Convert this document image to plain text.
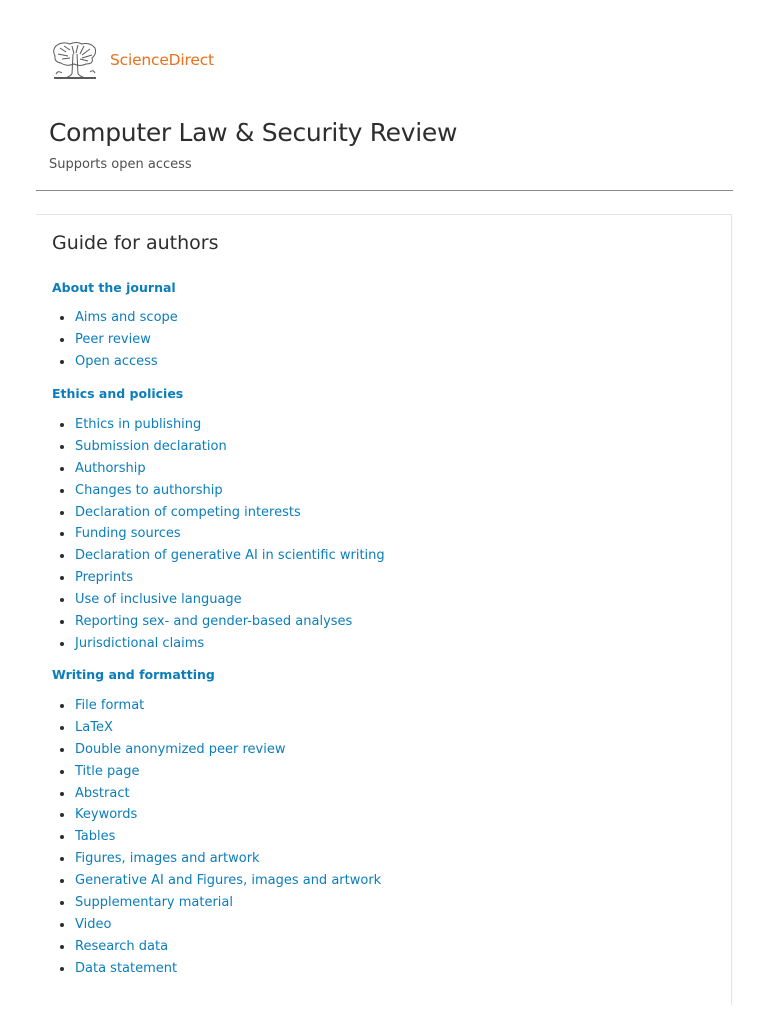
ScienceDirect
Computer Law & Security Review
Supports open access
Guide for authors
About the journal
Aims and scope
Peer review
Open access
Ethics and policies
Ethics in publishing
Submission declaration
Authorship
Changes to authorship
Declaration of competing interests
Funding sources
Declaration of generative AI in scientific writing
Preprints
Use of inclusive language
Reporting sex- and gender-based analyses
Jurisdictional claims
Writing and formatting
File format
LaTeX
Double anonymized peer review
Title page
Abstract
Keywords
Tables
Figures, images and artwork
Generative AI and Figures, images and artwork
Supplementary material
Video
Research data
Data statement
